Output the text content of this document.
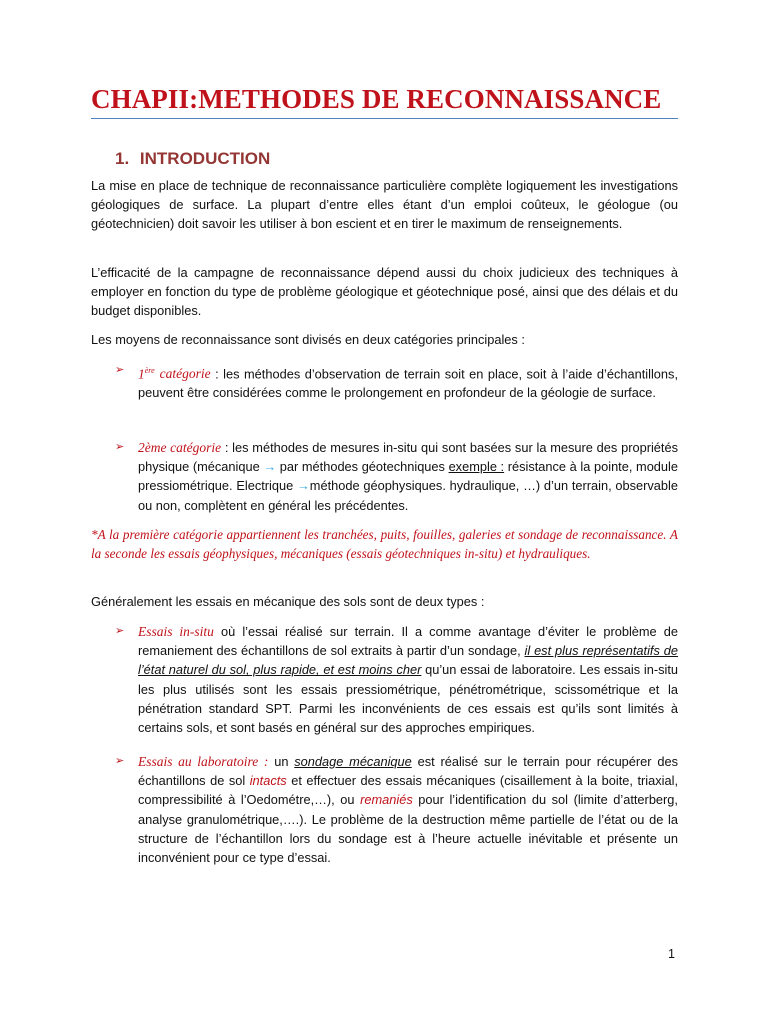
CHAPII:METHODES DE RECONNAISSANCE
1. INTRODUCTION
La mise en place de technique de reconnaissance particulière complète logiquement les investigations géologiques de surface. La plupart d’entre elles étant d’un emploi coûteux, le géologue (ou géotechnicien) doit savoir les utiliser à bon escient et en tirer le maximum de renseignements.
L’efficacité de la campagne de reconnaissance dépend aussi du choix judicieux des techniques à employer en fonction du type de problème géologique et géotechnique posé, ainsi que des délais et du budget disponibles.
Les moyens de reconnaissance sont divisés en deux catégories principales :
➢ 1ère catégorie : les méthodes d’observation de terrain soit en place, soit à l’aide d’échantillons, peuvent être considérées comme le prolongement en profondeur de la géologie de surface.
➢ 2ème catégorie : les méthodes de mesures in-situ qui sont basées sur la mesure des propriétés physique (mécanique → par méthodes géotechniques exemple : résistance à la pointe, module pressiométrique. Electrique →méthode géophysiques. hydraulique, …) d’un terrain, observable ou non, complètent en général les précédentes.
*A la première catégorie appartiennent les tranchées, puits, fouilles, galeries et sondage de reconnaissance. A la seconde les essais géophysiques, mécaniques (essais géotechniques in-situ) et hydrauliques.
Généralement les essais en mécanique des sols sont de deux types :
➢ Essais in-situ où l’essai réalisé sur terrain. Il a comme avantage d’éviter le problème de remaniement des échantillons de sol extraits à partir d’un sondage, il est plus représentatifs de l’état naturel du sol, plus rapide, et est moins cher qu’un essai de laboratoire. Les essais in-situ les plus utilisés sont les essais pressiométrique, pénétrométrique, scissométrique et la pénétration standard SPT. Parmi les inconvénients de ces essais est qu’ils sont limités à certains sols, et sont basés en général sur des approches empiriques.
➢ Essais au laboratoire : un sondage mécanique est réalisé sur le terrain pour récupérer des échantillons de sol intacts et effectuer des essais mécaniques (cisaillement à la boite, triaxial, compressibilité à l’Oedométre,…), ou remaniés pour l’identification du sol (limite d’atterberg, analyse granulométrique,….). Le problème de la destruction même partielle de l’état ou de la structure de l’échantillon lors du sondage est à l’heure actuelle inévitable et présente un inconvénient pour ce type d’essai.
1
